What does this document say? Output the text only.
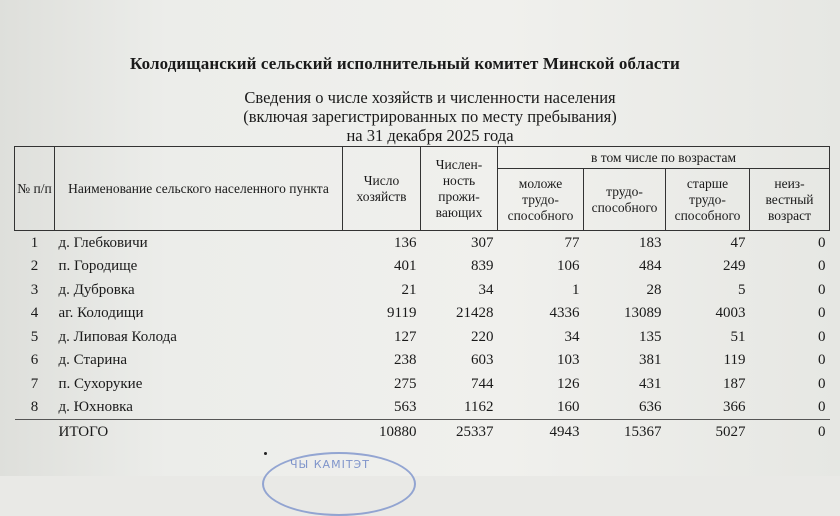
Колодищанский сельский исполнительный комитет Минской области
Сведения о числе хозяйств и численности населения
(включая зарегистрированных по месту пребывания)
на 31 декабря 2025 года
№ п/п	Наименование сельского населенного пункта	Число хозяйств	Числен-ность прожи-вающих	в том числе по возрастам			
				моложе трудо-способного	трудо-способного	старше трудо-способного	неиз-вестный возраст
1	д. Глебковичи	136	307	77	183	47	0
2	п. Городище	401	839	106	484	249	0
3	д. Дубровка	21	34	1	28	5	0
4	аг. Колодищи	9119	21428	4336	13089	4003	0
5	д. Липовая Колода	127	220	34	135	51	0
6	д. Старина	238	603	103	381	119	0
7	п. Сухорукие	275	744	126	431	187	0
8	д. Юхновка	563	1162	160	636	366	0
	ИТОГО	10880	25337	4943	15367	5027	0
ЧЫ КАМІТЭТ
